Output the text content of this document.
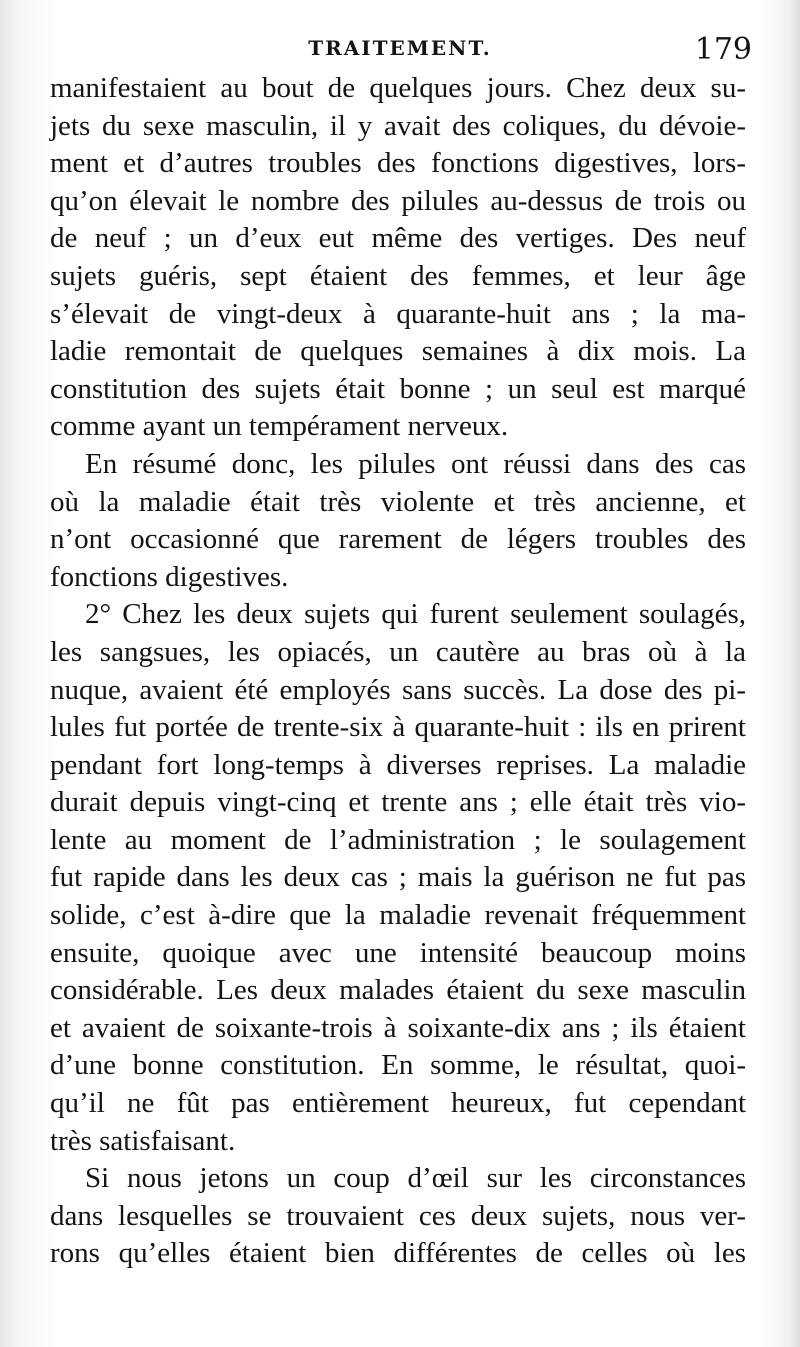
TRAITEMENT.	179

manifestaient au bout de quelques jours. Chez deux su-
jets du sexe masculin, il y avait des coliques, du dévoie-
ment et d’autres troubles des fonctions digestives, lors-
qu’on élevait le nombre des pilules au-dessus de trois ou
de neuf ; un d’eux eut même des vertiges. Des neuf
sujets guéris, sept étaient des femmes, et leur âge
s’élevait de vingt-deux à quarante-huit ans ; la ma-
ladie remontait de quelques semaines à dix mois. La
constitution des sujets était bonne ; un seul est marqué
comme ayant un tempérament nerveux.

En résumé donc, les pilules ont réussi dans des cas
où la maladie était très violente et très ancienne, et
n’ont occasionné que rarement de légers troubles des
fonctions digestives.

2° Chez les deux sujets qui furent seulement soulagés,
les sangsues, les opiacés, un cautère au bras où à la
nuque, avaient été employés sans succès. La dose des pi-
lules fut portée de trente-six à quarante-huit : ils en prirent
pendant fort long-temps à diverses reprises. La maladie
durait depuis vingt-cinq et trente ans ; elle était très vio-
lente au moment de l’administration ; le soulagement
fut rapide dans les deux cas ; mais la guérison ne fut pas
solide, c’est à-dire que la maladie revenait fréquemment
ensuite, quoique avec une intensité beaucoup moins
considérable. Les deux malades étaient du sexe masculin
et avaient de soixante-trois à soixante-dix ans ; ils étaient
d’une bonne constitution. En somme, le résultat, quoi-
qu’il ne fût pas entièrement heureux, fut cependant
très satisfaisant.

Si nous jetons un coup d’œil sur les circonstances
dans lesquelles se trouvaient ces deux sujets, nous ver-
rons qu’elles étaient bien différentes de celles où les
